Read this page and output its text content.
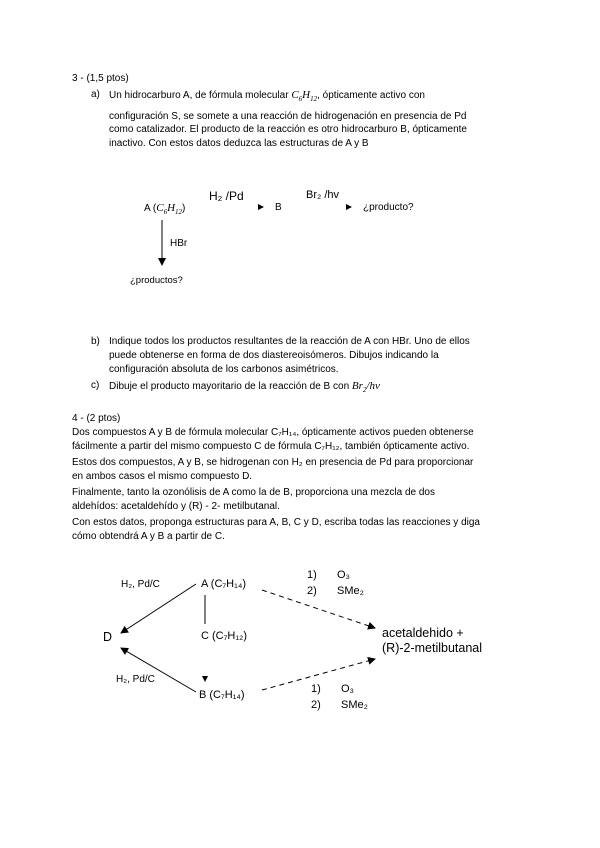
3 - (1,5 ptos)
a) Un hidrocarburo A, de fórmula molecular $C_6H_{12}$, ópticamente activo con
configuración S, se somete a una reacción de hidrogenación en presencia de Pd
como catalizador. El producto de la reacción es otro hidrocarburo B, ópticamente
inactivo. Con estos datos deduzca las estructuras de A y B
A $(C_6H_{12})$
H₂ /Pd
B
Br₂ /hv
¿producto?
HBr
¿productos?
b) Indique todos los productos resultantes de la reacción de A con HBr. Uno de ellos
puede obtenerse en forma de dos diastereoisómeros. Dibujos indicando la
configuración absoluta de los carbonos asimétricos.
c) Dibuje el producto mayoritario de la reacción de B con $Br_2/hv$
4 - (2 ptos)
Dos compuestos A y B de fórmula molecular C₇H₁₄, ópticamente activos pueden obtenerse
fácilmente a partir del mismo compuesto C de fórmula C₇H₁₂, también ópticamente activo.
Estos dos compuestos, A y B, se hidrogenan con H₂ en presencia de Pd para proporcionar
en ambos casos el mismo compuesto D.
Finalmente, tanto la ozonólisis de A como la de B, proporciona una mezcla de dos
aldehídos: acetaldehído y (R) - 2- metilbutanal.
Con estos datos, proponga estructuras para A, B, C y D, escriba todas las reacciones y diga
cómo obtendrá A y B a partir de C.
H₂, Pd/C	A (C₇H₁₄)
1) O₃
2) SMe₂
D	C (C₇H₁₂)	acetaldehido +
(R)-2-metilbutanal
H₂, Pd/C
B (C₇H₁₄)	1) O₃
2) SMe₂
